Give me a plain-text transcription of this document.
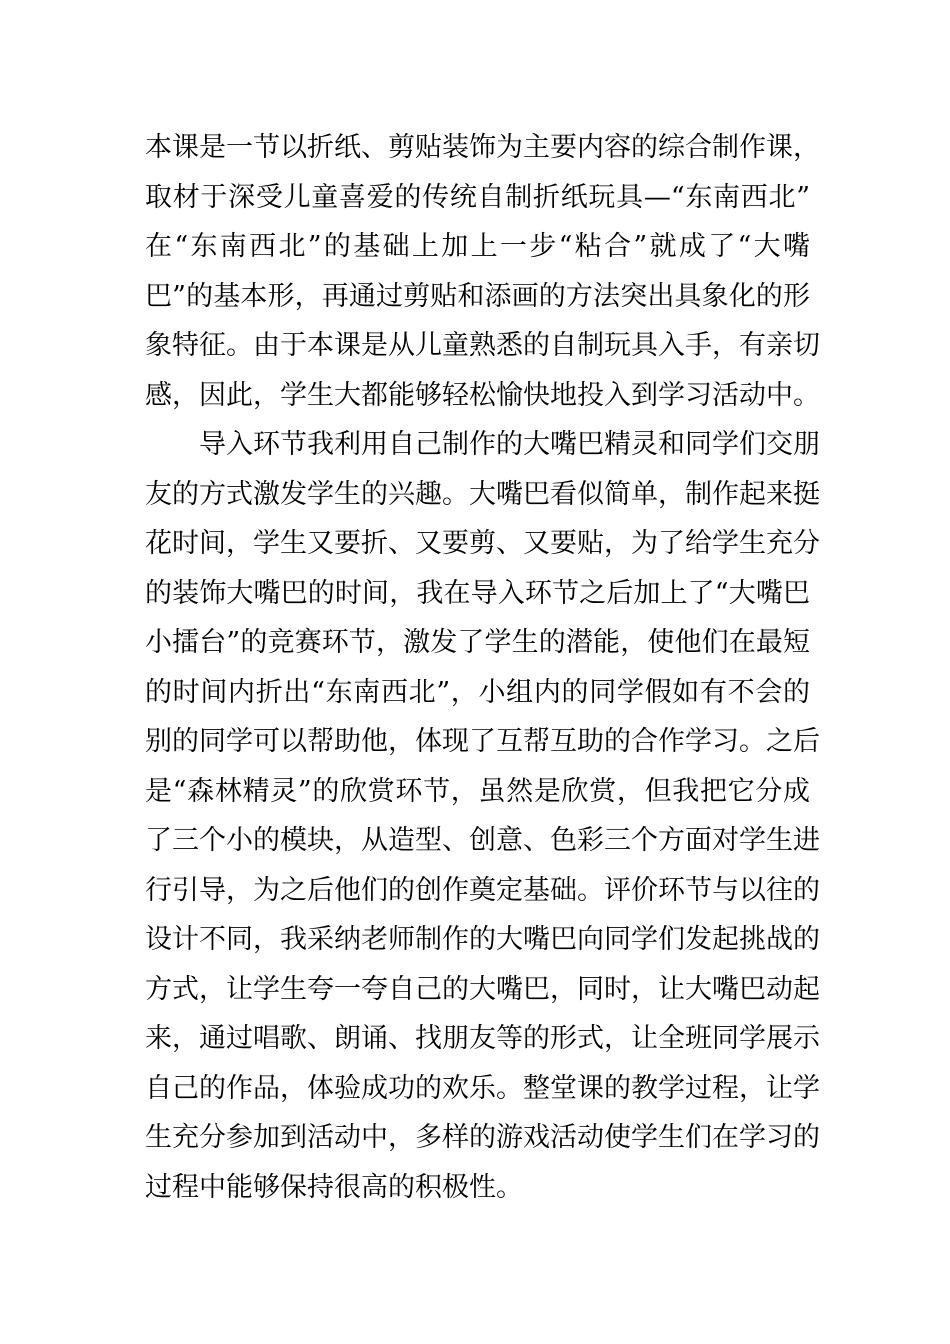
本课是一节以折纸、剪贴装饰为主要内容的综合制作课，
取材于深受儿童喜爱的传统自制折纸玩具—“东南西北”
在“东南西北”的基础上加上一步“粘合”就成了“大嘴
巴”的基本形，再通过剪贴和添画的方法突出具象化的形
象特征。由于本课是从儿童熟悉的自制玩具入手，有亲切
感，因此，学生大都能够轻松愉快地投入到学习活动中。
导入环节我利用自己制作的大嘴巴精灵和同学们交朋
友的方式激发学生的兴趣。大嘴巴看似简单，制作起来挺
花时间，学生又要折、又要剪、又要贴，为了给学生充分
的装饰大嘴巴的时间，我在导入环节之后加上了“大嘴巴
小擂台”的竞赛环节，激发了学生的潜能，使他们在最短
的时间内折出“东南西北”，小组内的同学假如有不会的
别的同学可以帮助他，体现了互帮互助的合作学习。之后
是“森林精灵”的欣赏环节，虽然是欣赏，但我把它分成
了三个小的模块，从造型、创意、色彩三个方面对学生进
行引导，为之后他们的创作奠定基础。评价环节与以往的
设计不同，我采纳老师制作的大嘴巴向同学们发起挑战的
方式，让学生夸一夸自己的大嘴巴，同时，让大嘴巴动起
来，通过唱歌、朗诵、找朋友等的形式，让全班同学展示
自己的作品，体验成功的欢乐。整堂课的教学过程，让学
生充分参加到活动中，多样的游戏活动使学生们在学习的
过程中能够保持很高的积极性。
